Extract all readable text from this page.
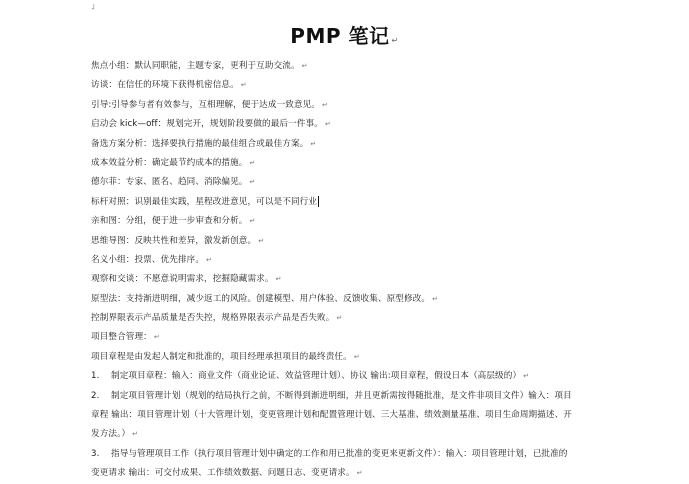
˩
PMP 笔记 ↵
焦点小组：默认同职能，主题专家，更利于互助交流。 ↵
访谈：在信任的环境下获得机密信息。 ↵
引导:引导参与者有效参与，互相理解，便于达成一致意见。 ↵
启动会 kick—off：规划完开，规划阶段要做的最后一件事。 ↵
备选方案分析：选择要执行措施的最佳组合或最佳方案。 ↵
成本效益分析：确定最节约成本的措施。 ↵
德尔菲：专家、匿名、趋同、消除偏见。 ↵
标杆对照：识别最佳实践，星程改进意见，可以是不同行业
亲和图：分组，便于进一步审查和分析。 ↵
思维导图：反映共性和差异，激发新创意。 ↵
名义小组：投票、优先排序。 ↵
观察和交谈：不愿意说明需求，挖掘隐藏需求。 ↵
原型法：支持渐进明细，减少返工的风险。创建模型、用户体验、反馈收集、原型修改。 ↵
控制界限表示产品质量是否失控，规格界限表示产品是否失败。 ↵
项目整合管理： ↵
项目章程是由发起人制定和批准的，项目经理承担项目的最终责任。 ↵
1. 制定项目章程：输入：商业文件（商业论证、效益管理计划）、协议 输出:项目章程，假设日本（高层级的） ↵
2. 制定项目管理计划（规划的结局执行之前，不断得到渐进明细，并且更新需按得随批准，是文件非项目文件）输入：项目
章程 输出：项目管理计划（十大管理计划，变更管理计划和配置管理计划、三大基准、绩效测量基准、项目生命周期描述、开
发方法。） ↵
3. 指导与管理项目工作（执行项目管理计划中确定的工作和用已批准的变更来更新文件）：输入：项目管理计划，已批准的
变更请求 输出：可交付成果、工作绩效数据、问题日志、变更请求。 ↵
